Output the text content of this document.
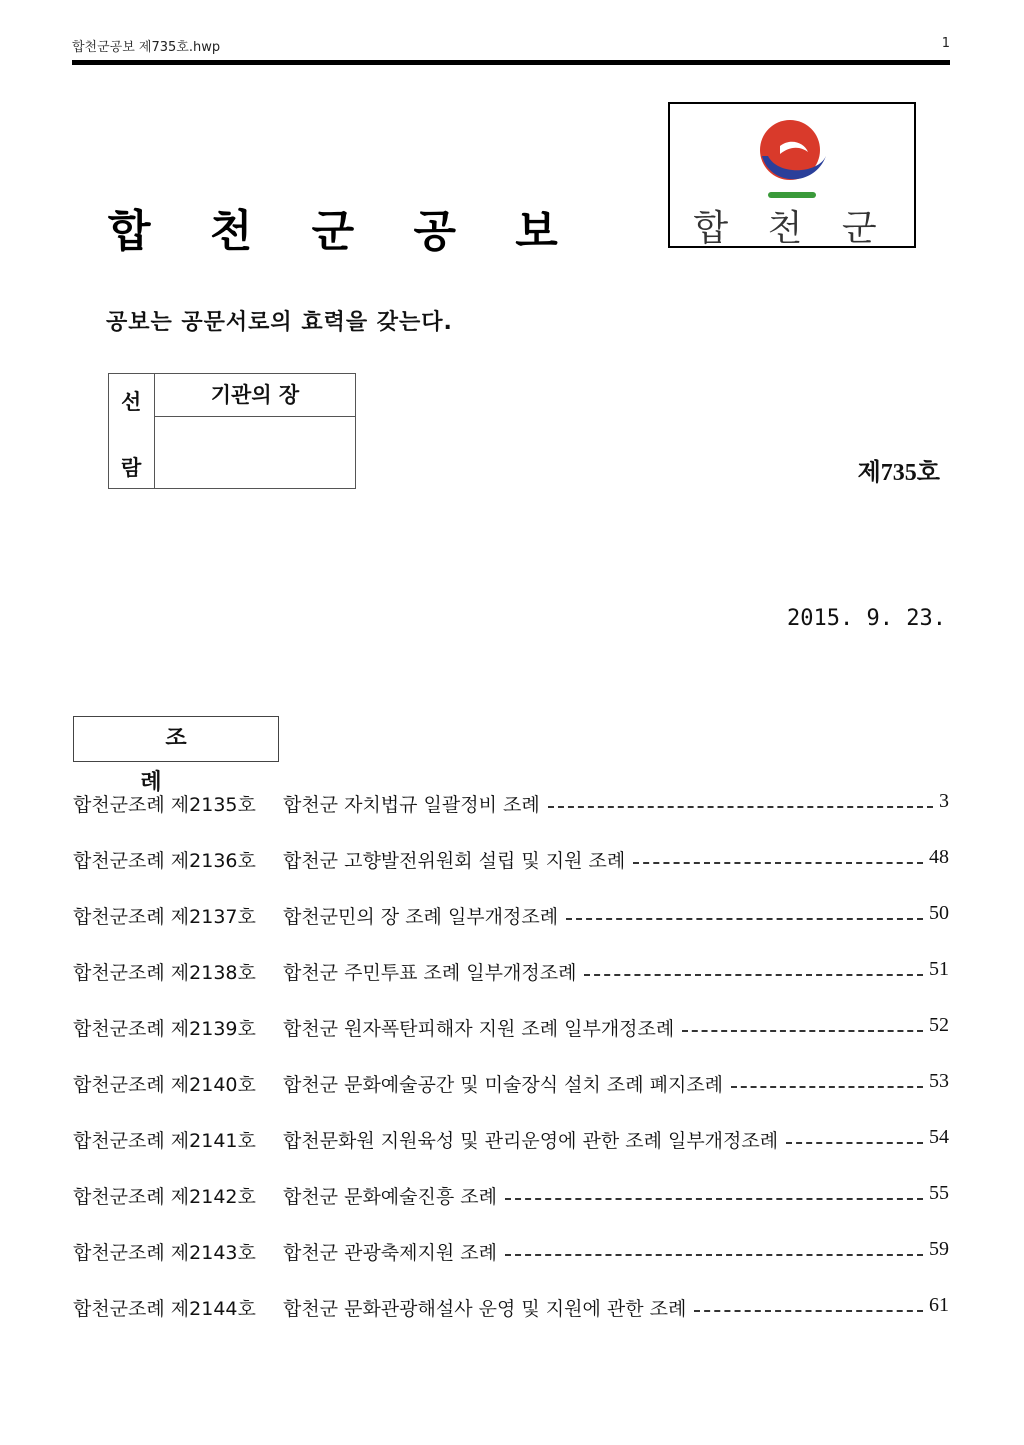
합천군공보 제735호.hwp	1
합 천 군 공 보	합 천 군
공보는 공문서로의 효력을 갖는다.
선
람
기관의 장
제735호
2015. 9. 23.
조 례
합천군조례 제2135호	합천군 자치법규 일괄정비 조례	3
합천군조례 제2136호	합천군 고향발전위원회 설립 및 지원 조례	48
합천군조례 제2137호	합천군민의 장 조례 일부개정조례	50
합천군조례 제2138호	합천군 주민투표 조례 일부개정조례	51
합천군조례 제2139호	합천군 원자폭탄피해자 지원 조례 일부개정조례	52
합천군조례 제2140호	합천군 문화예술공간 및 미술장식 설치 조례 폐지조례	53
합천군조례 제2141호	합천문화원 지원육성 및 관리운영에 관한 조례 일부개정조례	54
합천군조례 제2142호	합천군 문화예술진흥 조례	55
합천군조례 제2143호	합천군 관광축제지원 조례	59
합천군조례 제2144호	합천군 문화관광해설사 운영 및 지원에 관한 조례	61
